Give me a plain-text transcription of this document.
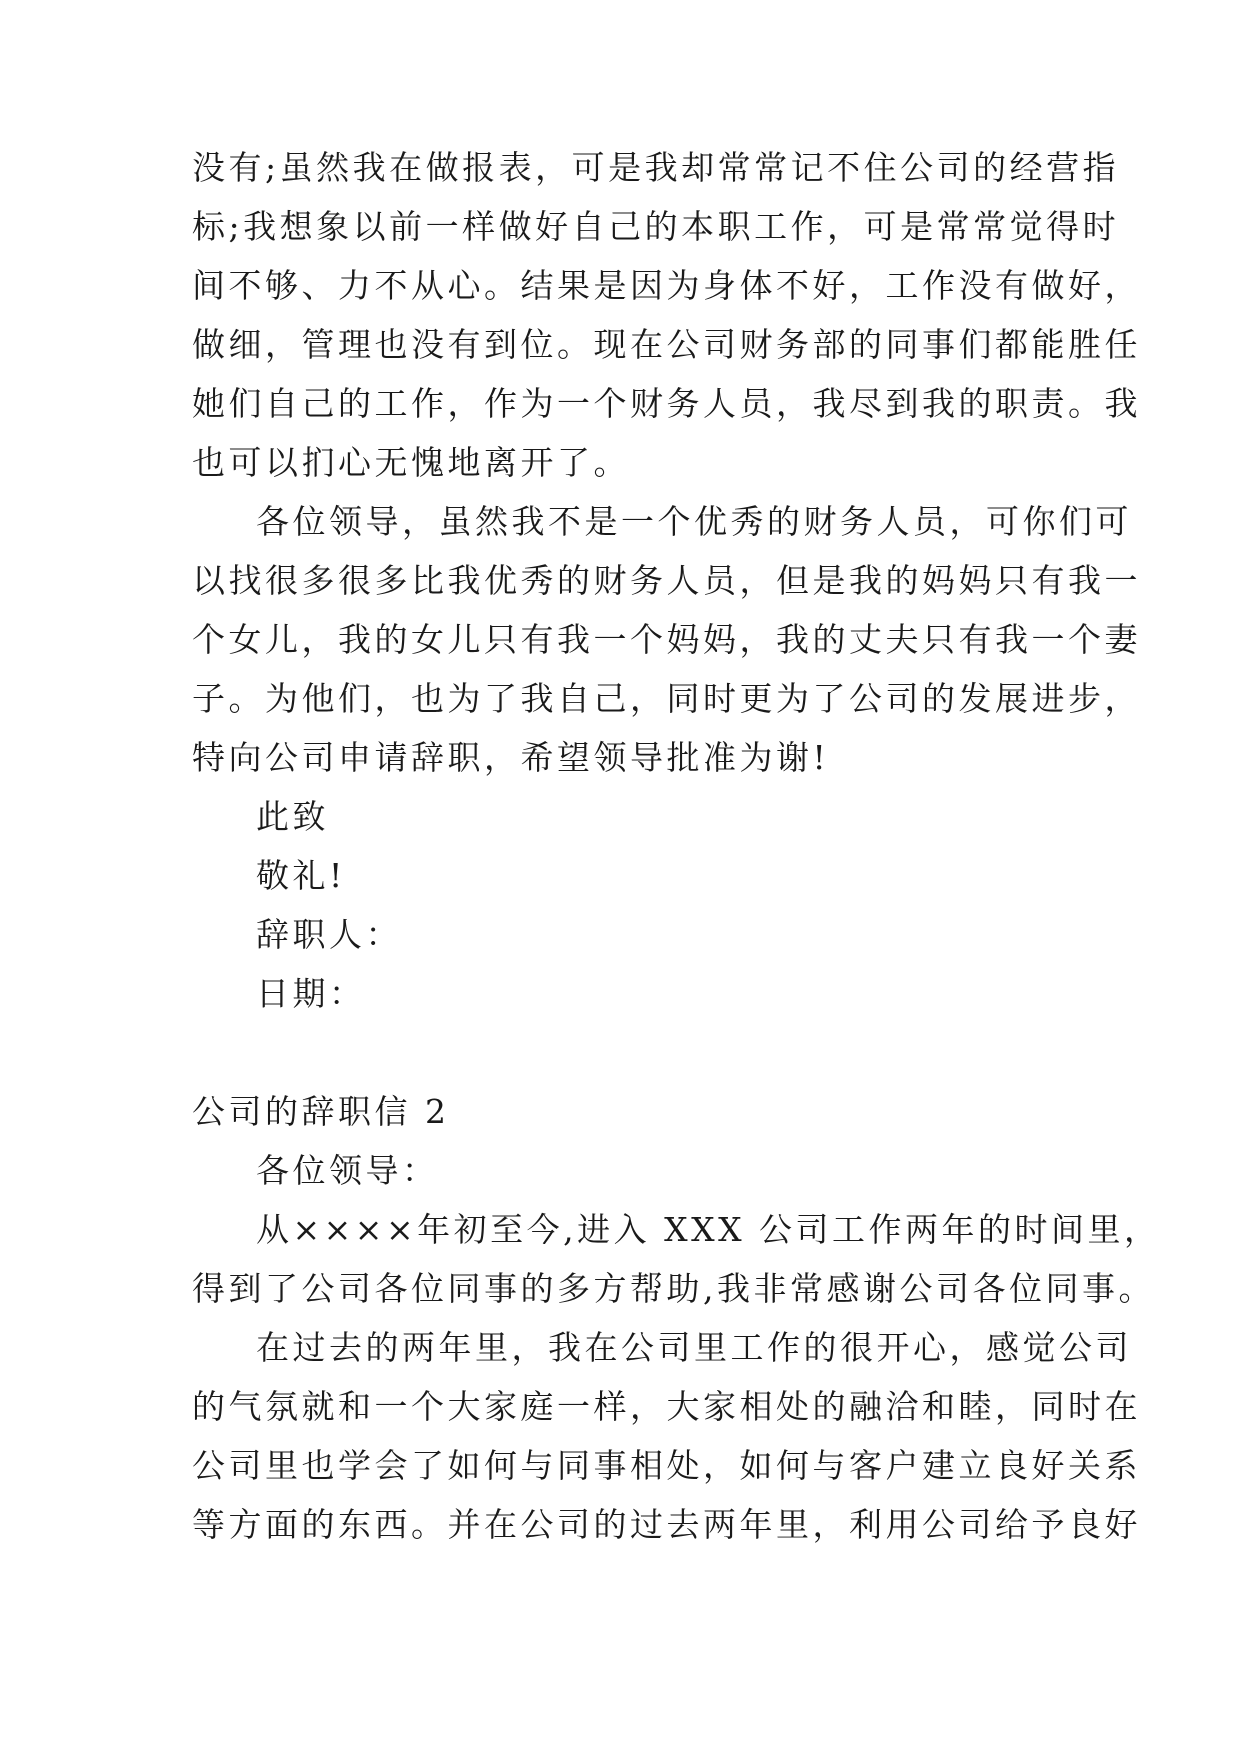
没有;虽然我在做报表，可是我却常常记不住公司的经营指
标;我想象以前一样做好自己的本职工作，可是常常觉得时
间不够、力不从心。结果是因为身体不好，工作没有做好，
做细，管理也没有到位。现在公司财务部的同事们都能胜任
她们自己的工作，作为一个财务人员，我尽到我的职责。我
也可以扪心无愧地离开了。
各位领导，虽然我不是一个优秀的财务人员，可你们可
以找很多很多比我优秀的财务人员，但是我的妈妈只有我一
个女儿，我的女儿只有我一个妈妈，我的丈夫只有我一个妻
子。为他们，也为了我自己，同时更为了公司的发展进步，
特向公司申请辞职，希望领导批准为谢!
此致
敬礼!
辞职人：
日期：
公司的辞职信 2
各位领导：
从××××年初至今,进入 XXX 公司工作两年的时间里，
得到了公司各位同事的多方帮助,我非常感谢公司各位同事。
在过去的两年里，我在公司里工作的很开心，感觉公司
的气氛就和一个大家庭一样，大家相处的融洽和睦，同时在
公司里也学会了如何与同事相处，如何与客户建立良好关系
等方面的东西。并在公司的过去两年里，利用公司给予良好
